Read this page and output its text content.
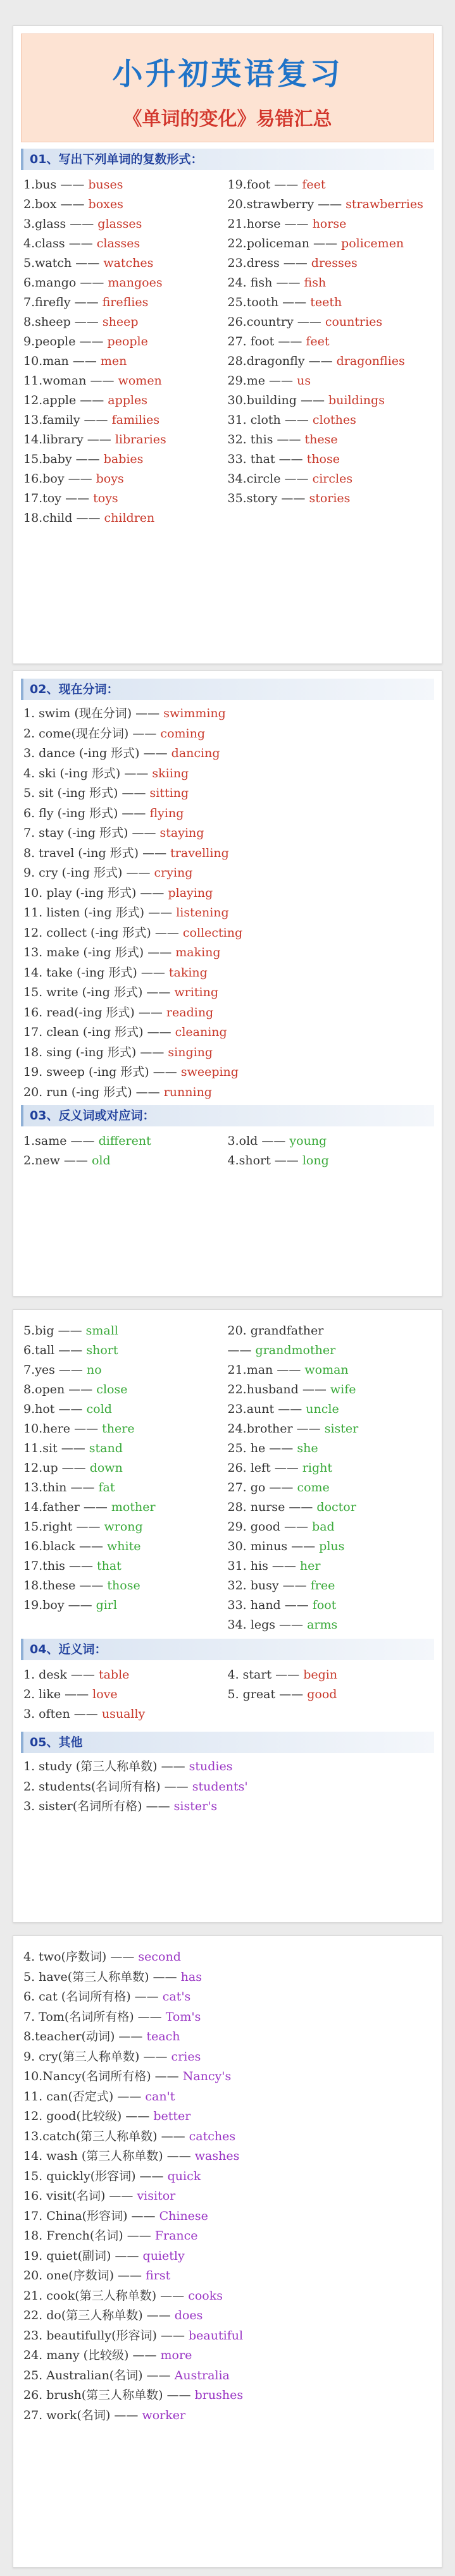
小升初英语复习
《单词的变化》易错汇总
01、写出下列单词的复数形式：
1.bus —— buses
2.box —— boxes
3.glass —— glasses
4.class —— classes
5.watch —— watches
6.mango —— mangoes
7.firefly —— fireflies
8.sheep —— sheep
9.people —— people
10.man —— men
11.woman —— women
12.apple —— apples
13.family —— families
14.library —— libraries
15.baby —— babies
16.boy —— boys
17.toy —— toys
18.child —— children
19.foot —— feet
20.strawberry —— strawberries
21.horse —— horse
22.policeman —— policemen
23.dress —— dresses
24. fish —— fish
25.tooth —— teeth
26.country —— countries
27. foot —— feet
28.dragonfly —— dragonflies
29.me —— us
30.building —— buildings
31. cloth —— clothes
32. this —— these
33. that —— those
34.circle —— circles
35.story —— stories
02、现在分词：
1. swim (现在分词) —— swimming
2. come(现在分词) —— coming
3. dance (-ing 形式) —— dancing
4. ski (-ing 形式) —— skiing
5. sit (-ing 形式) —— sitting
6. fly (-ing 形式) —— flying
7. stay (-ing 形式) —— staying
8. travel (-ing 形式) —— travelling
9. cry (-ing 形式) —— crying
10. play (-ing 形式) —— playing
11. listen (-ing 形式) —— listening
12. collect (-ing 形式) —— collecting
13. make (-ing 形式) —— making
14. take (-ing 形式) —— taking
15. write (-ing 形式) —— writing
16. read(-ing 形式) —— reading
17. clean (-ing 形式) —— cleaning
18. sing (-ing 形式) —— singing
19. sweep (-ing 形式) —— sweeping
20. run (-ing 形式) —— running
03、反义词或对应词：
1.same —— different
2.new —— old
3.old —— young
4.short —— long
5.big —— small
6.tall —— short
7.yes —— no
8.open —— close
9.hot —— cold
10.here —— there
11.sit —— stand
12.up —— down
13.thin —— fat
14.father —— mother
15.right —— wrong
16.black —— white
17.this —— that
18.these —— those
19.boy —— girl
20. grandfather
—— grandmother
21.man —— woman
22.husband —— wife
23.aunt —— uncle
24.brother —— sister
25. he —— she
26. left —— right
27. go —— come
28. nurse —— doctor
29. good —— bad
30. minus —— plus
31. his —— her
32. busy —— free
33. hand —— foot
34. legs —— arms
04、近义词：
1. desk —— table
2. like —— love
3. often —— usually
4. start —— begin
5. great —— good
05、其他
1. study (第三人称单数) —— studies
2. students(名词所有格) —— students'
3. sister(名词所有格) —— sister's
4. two(序数词) —— second
5. have(第三人称单数) —— has
6. cat (名词所有格) —— cat's
7. Tom(名词所有格) —— Tom's
8.teacher(动词) —— teach
9. cry(第三人称单数) —— cries
10.Nancy(名词所有格) —— Nancy's
11. can(否定式) —— can't
12. good(比较级) —— better
13.catch(第三人称单数) —— catches
14. wash (第三人称单数) —— washes
15. quickly(形容词) —— quick
16. visit(名词) —— visitor
17. China(形容词) —— Chinese
18. French(名词) —— France
19. quiet(副词) —— quietly
20. one(序数词) —— first
21. cook(第三人称单数) —— cooks
22. do(第三人称单数) —— does
23. beautifully(形容词) —— beautiful
24. many (比较级) —— more
25. Australian(名词) —— Australia
26. brush(第三人称单数) —— brushes
27. work(名词) —— worker
